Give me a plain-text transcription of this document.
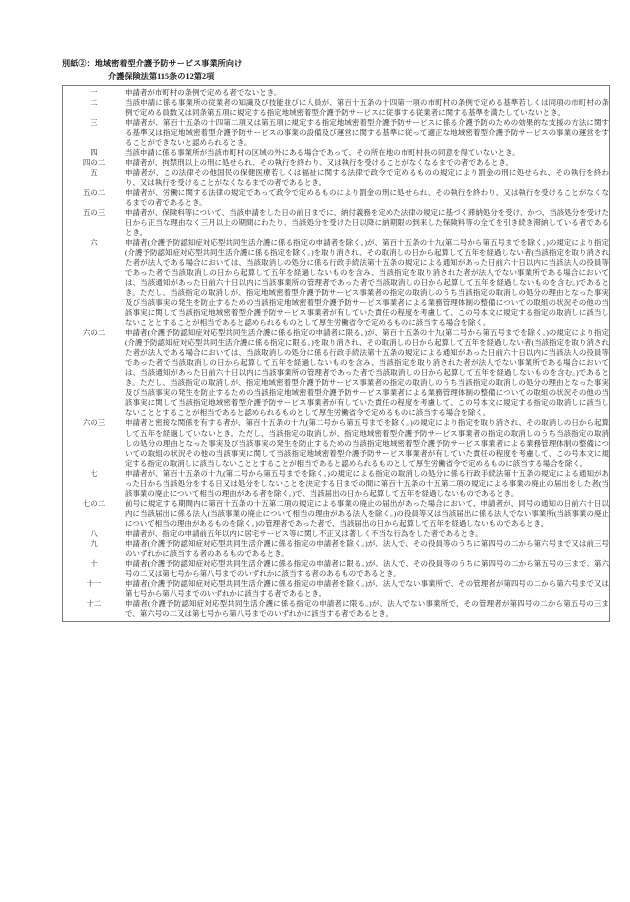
別紙②：地域密着型介護予防サービス事業所向け
介護保険法第115条の12第2項
一	申請者が市町村の条例で定める者でないとき。

二	当該申請に係る事業所の従業者の知識及び技能並びに人員が、第百十五条の十四第一項の市町村の条例で定める基準若しくは同項の市町村の条例で定める員数又は同条第五項に規定する指定地域密着型介護予防サービスに従事する従業者に関する基準を満たしていないとき。

三	申請者が、第百十五条の十四第二項又は第五項に規定する指定地域密着型介護予防サービスに係る介護予防のための効果的な支援の方法に関する基準又は指定地域密着型介護予防サービスの事業の設備及び運営に関する基準に従って適正な地域密着型介護予防サービスの事業の運営をすることができないと認められるとき。

四	当該申請に係る事業所が当該市町村の区域の外にある場合であって、その所在地の市町村長の同意を得ていないとき。

四の二	申請者が、拘禁刑以上の刑に処せられ、その執行を終わり、又は執行を受けることがなくなるまでの者であるとき。

五	申請者が、この法律その他国民の保健医療若しくは福祉に関する法律で政令で定めるものの規定により罰金の刑に処せられ、その執行を終わり、又は執行を受けることがなくなるまでの者であるとき。

五の二	申請者が、労働に関する法律の規定であって政令で定めるものにより罰金の刑に処せられ、その執行を終わり、又は執行を受けることがなくなるまでの者であるとき。

五の三	申請者が、保険料等について、当該申請をした日の前日までに、納付義務を定めた法律の規定に基づく滞納処分を受け、かつ、当該処分を受けた日から正当な理由なく三月以上の期間にわたり、当該処分を受けた日以降に納期限の到来した保険料等の全てを引き続き滞納している者であるとき。

六	申請者(介護予防認知症対応型共同生活介護に係る指定の申請者を除く。)が、第百十五条の十九(第二号から第五号までを除く。)の規定により指定(介護予防認知症対応型共同生活介護に係る指定を除く。)を取り消され、その取消しの日から起算して五年を経過しない者(当該指定を取り消された者が法人である場合においては、当該取消しの処分に係る行政手続法第十五条の規定による通知があった日前六十日以内に当該法人の役員等であった者で当該取消しの日から起算して五年を経過しないものを含み、当該指定を取り消された者が法人でない事業所である場合においては、当該通知があった日前六十日以内に当該事業所の管理者であった者で当該取消しの日から起算して五年を経過しないものを含む。)であるとき。ただし、当該指定の取消しが、指定地域密着型介護予防サービス事業者の指定の取消しのうち当該指定の取消しの処分の理由となった事実及び当該事実の発生を防止するための当該指定地域密着型介護予防サービス事業者による業務管理体制の整備についての取組の状況その他の当該事実に関して当該指定地域密着型介護予防サービス事業者が有していた責任の程度を考慮して、この号本文に規定する指定の取消しに該当しないこととすることが相当であると認められるものとして厚生労働省令で定めるものに該当する場合を除く。

六の二	申請者(介護予防認知症対応型共同生活介護に係る指定の申請者に限る。)が、第百十五条の十九(第二号から第五号までを除く。)の規定により指定(介護予防認知症対応型共同生活介護に係る指定に限る。)を取り消され、その取消しの日から起算して五年を経過しない者(当該指定を取り消された者が法人である場合においては、当該取消しの処分に係る行政手続法第十五条の規定による通知があった日前六十日以内に当該法人の役員等であった者で当該取消しの日から起算して五年を経過しないものを含み、当該指定を取り消された者が法人でない事業所である場合においては、当該通知があった日前六十日以内に当該事業所の管理者であった者で当該取消しの日から起算して五年を経過しないものを含む。)であるとき。ただし、当該指定の取消しが、指定地域密着型介護予防サービス事業者の指定の取消しのうち当該指定の取消しの処分の理由となった事実及び当該事実の発生を防止するための当該指定地域密着型介護予防サービス事業者による業務管理体制の整備についての取組の状況その他の当該事実に関して当該指定地域密着型介護予防サービス事業者が有していた責任の程度を考慮して、この号本文に規定する指定の取消しに該当しないこととすることが相当であると認められるものとして厚生労働省令で定めるものに該当する場合を除く。

六の三	申請者と密接な関係を有する者が、第百十五条の十九(第二号から第五号までを除く。)の規定により指定を取り消され、その取消しの日から起算して五年を経過していないとき。ただし、当該指定の取消しが、指定地域密着型介護予防サービス事業者の指定の取消しのうち当該指定の取消しの処分の理由となった事実及び当該事実の発生を防止するための当該指定地域密着型介護予防サービス事業者による業務管理体制の整備についての取組の状況その他の当該事実に関して当該指定地域密着型介護予防サービス事業者が有していた責任の程度を考慮して、この号本文に規定する指定の取消しに該当しないこととすることが相当であると認められるものとして厚生労働省令で定めるものに該当する場合を除く。

七	申請者が、第百十五条の十九(第二号から第五号までを除く。)の規定による指定の取消しの処分に係る行政手続法第十五条の規定による通知があった日から当該処分をする日又は処分をしないことを決定する日までの間に第百十五条の十五第二項の規定による事業の廃止の届出をした者(当該事業の廃止について相当の理由がある者を除く。)で、当該届出の日から起算して五年を経過しないものであるとき。

七の二	前号に規定する期間内に第百十五条の十五第二項の規定による事業の廃止の届出があった場合において、申請者が、同号の通知の日前六十日以内に当該届出に係る法人(当該事業の廃止について相当の理由がある法人を除く。)の役員等又は当該届出に係る法人でない事業所(当該事業の廃止について相当の理由があるものを除く。)の管理者であった者で、当該届出の日から起算して五年を経過しないものであるとき。

八	申請者が、指定の申請前五年以内に居宅サービス等に関し不正又は著しく不当な行為をした者であるとき。

九	申請者(介護予防認知症対応型共同生活介護に係る指定の申請者を除く。)が、法人で、その役員等のうちに第四号の二から第六号まで又は前三号のいずれかに該当する者のあるものであるとき。

十	申請者(介護予防認知症対応型共同生活介護に係る指定の申請者に限る。)が、法人で、その役員等のうちに第四号の二から第五号の三まで、第六号の二又は第七号から第八号までのいずれかに該当する者のあるものであるとき。

十一	申請者(介護予防認知症対応型共同生活介護に係る指定の申請者を除く。)が、法人でない事業所で、その管理者が第四号の二から第六号まで又は第七号から第八号までのいずれかに該当する者であるとき。

十二	申請者(介護予防認知症対応型共同生活介護に係る指定の申請者に限る。)が、法人でない事業所で、その管理者が第四号の二から第五号の三まで、第六号の二又は第七号から第八号までのいずれかに該当する者であるとき。
